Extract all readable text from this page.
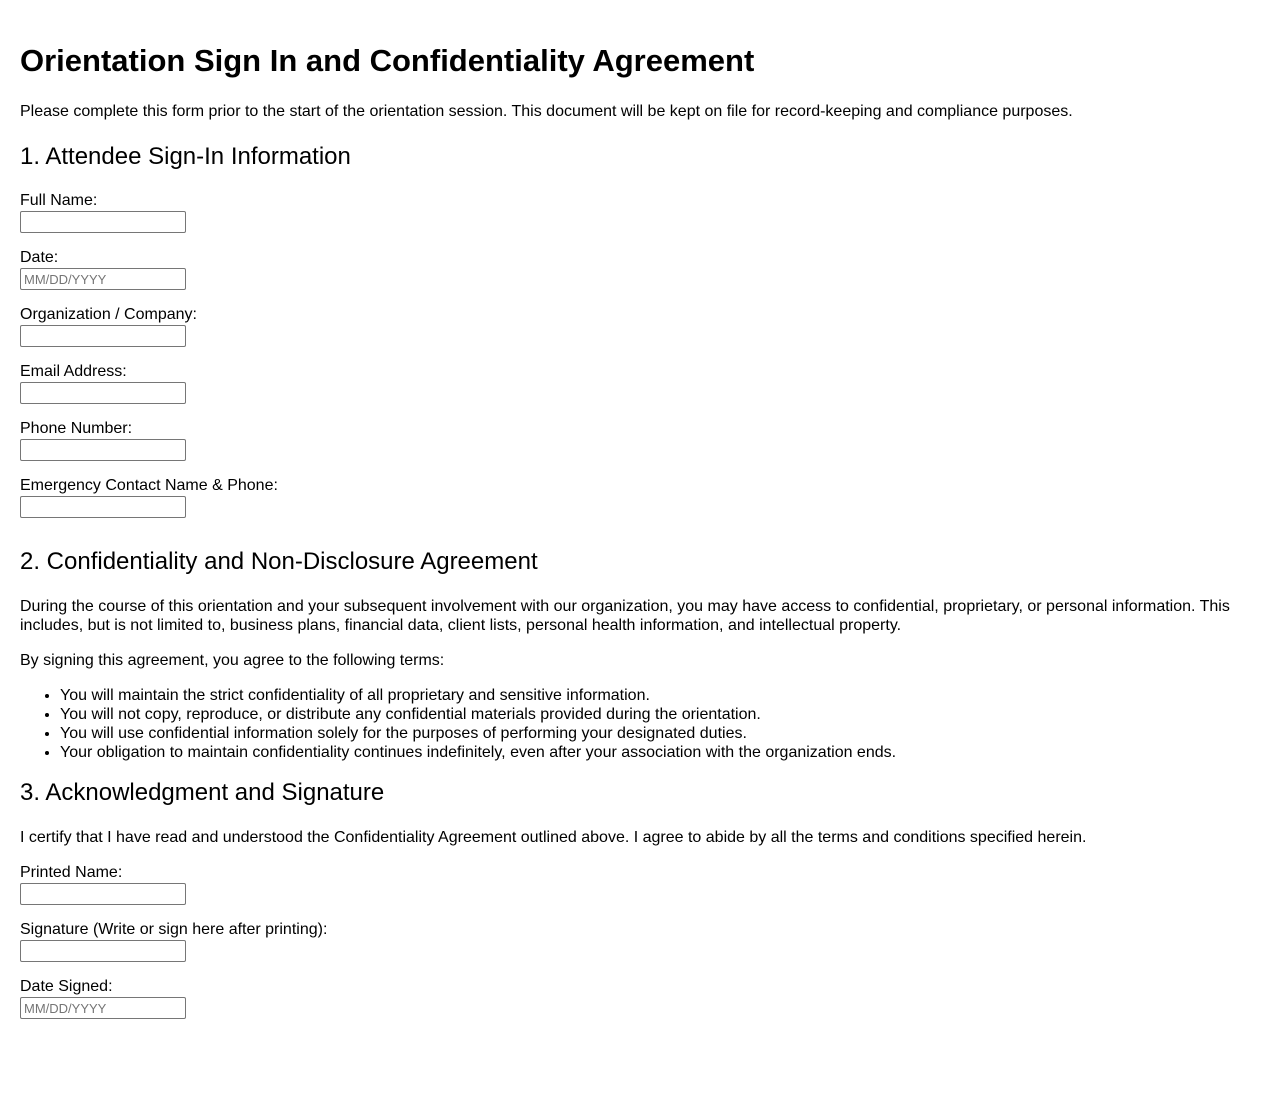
Orientation Sign In and Confidentiality Agreement

Please complete this form prior to the start of the orientation session. This document will be kept on file for record-keeping and compliance purposes.

1. Attendee Sign-In Information
Full Name:
Date:
MM/DD/YYYY
Organization / Company:
Email Address:
Phone Number:
Emergency Contact Name & Phone:
2. Confidentiality and Non-Disclosure Agreement

During the course of this orientation and your subsequent involvement with our organization, you may have access to confidential, proprietary, or personal information. This includes, but is not limited to, business plans, financial data, client lists, personal health information, and intellectual property.

By signing this agreement, you agree to the following terms:

• You will maintain the strict confidentiality of all proprietary and sensitive information.
• You will not copy, reproduce, or distribute any confidential materials provided during the orientation.
• You will use confidential information solely for the purposes of performing your designated duties.
• Your obligation to maintain confidentiality continues indefinitely, even after your association with the organization ends.
3. Acknowledgment and Signature

I certify that I have read and understood the Confidentiality Agreement outlined above. I agree to abide by all the terms and conditions specified herein.

Printed Name:
Signature (Write or sign here after printing):
Date Signed:
MM/DD/YYYY
